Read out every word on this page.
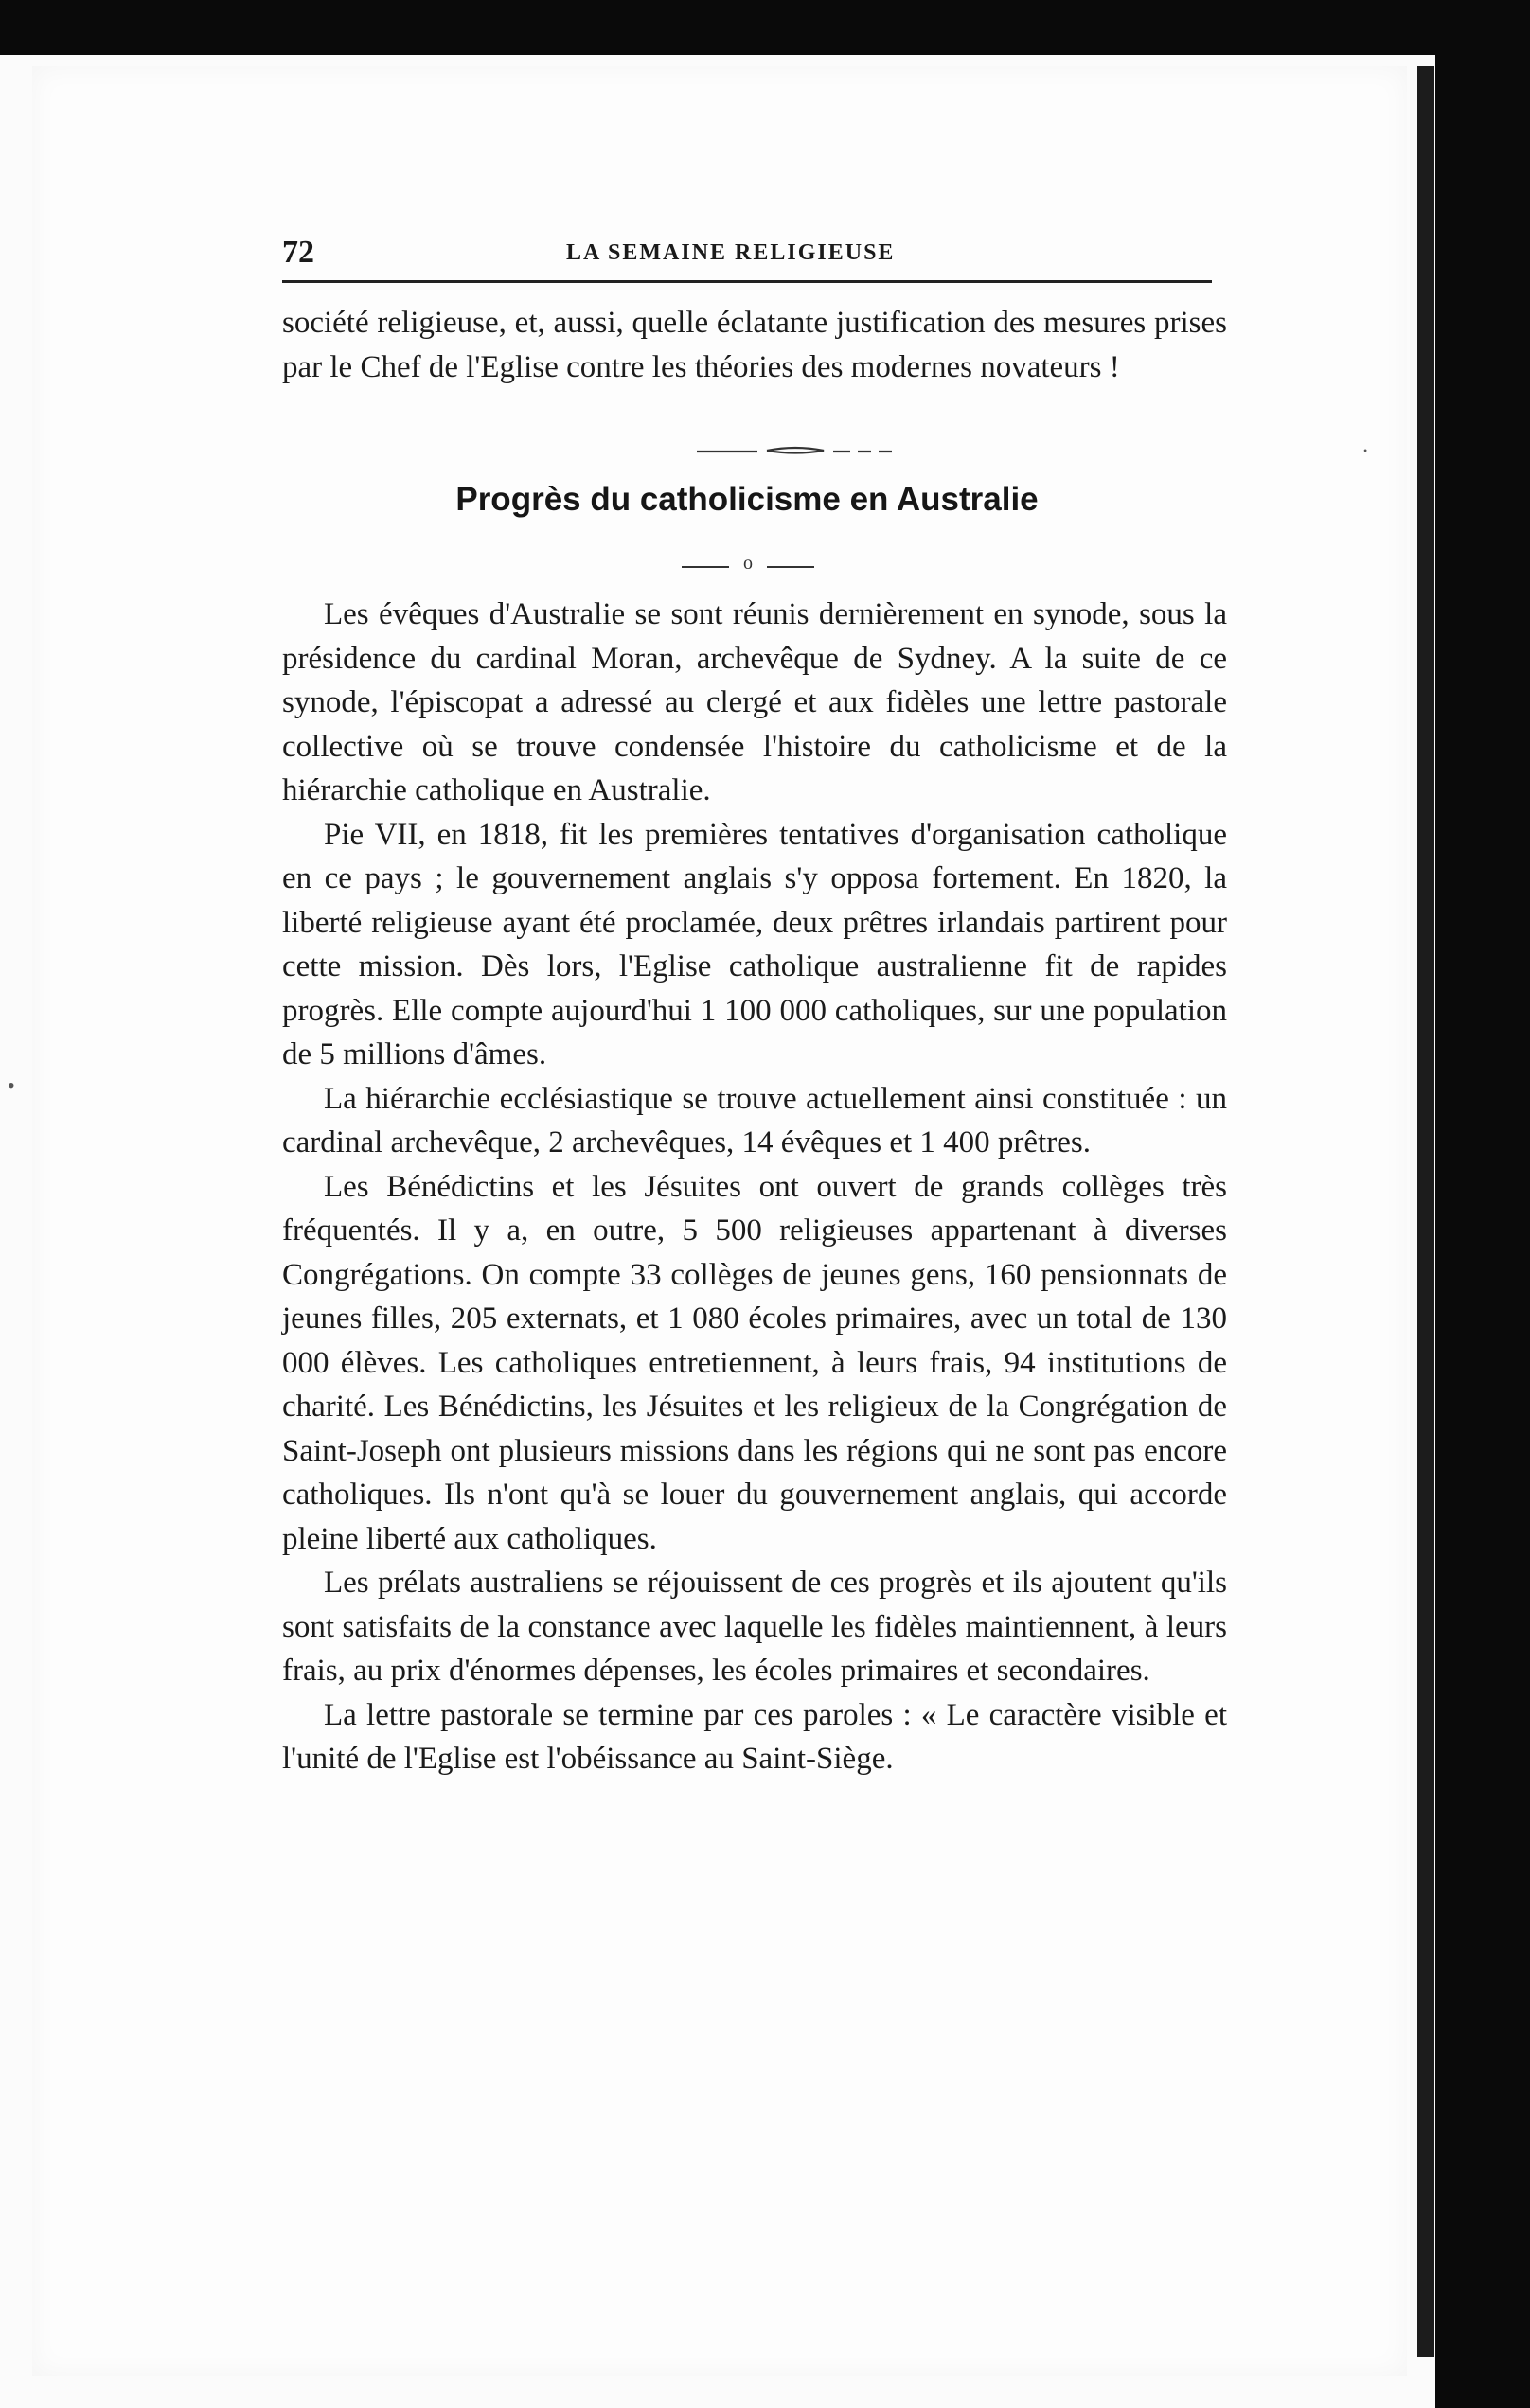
•
•
72	LA SEMAINE RELIGIEUSE

société religieuse, et, aussi, quelle éclatante justification des mesures prises par le Chef de l'Eglise contre les théories des modernes novateurs !

Progrès du catholicisme en Australie
o

Les évêques d'Australie se sont réunis dernièrement en synode, sous la présidence du cardinal Moran, archevêque de Sydney. A la suite de ce synode, l'épiscopat a adressé au clergé et aux fidèles une lettre pastorale collective où se trouve condensée l'histoire du catholicisme et de la hiérarchie catholique en Australie.

Pie VII, en 1818, fit les premières tentatives d'organisation catholique en ce pays ; le gouvernement anglais s'y opposa fortement. En 1820, la liberté religieuse ayant été proclamée, deux prêtres irlandais partirent pour cette mission. Dès lors, l'Eglise catholique australienne fit de rapides progrès. Elle compte aujourd'hui 1 100 000 catholiques, sur une population de 5 millions d'âmes.

La hiérarchie ecclésiastique se trouve actuellement ainsi constituée : un cardinal archevêque, 2 archevêques, 14 évêques et 1 400 prêtres.

Les Bénédictins et les Jésuites ont ouvert de grands collèges très fréquentés. Il y a, en outre, 5 500 religieuses appartenant à diverses Congrégations. On compte 33 collèges de jeunes gens, 160 pensionnats de jeunes filles, 205 externats, et 1 080 écoles primaires, avec un total de 130 000 élèves. Les catholiques entretiennent, à leurs frais, 94 institutions de charité. Les Bénédictins, les Jésuites et les religieux de la Congrégation de Saint-Joseph ont plusieurs missions dans les régions qui ne sont pas encore catholiques. Ils n'ont qu'à se louer du gouvernement anglais, qui accorde pleine liberté aux catholiques.

Les prélats australiens se réjouissent de ces progrès et ils ajoutent qu'ils sont satisfaits de la constance avec laquelle les fidèles maintiennent, à leurs frais, au prix d'énormes dépenses, les écoles primaires et secondaires.

La lettre pastorale se termine par ces paroles : « Le caractère visible et l'unité de l'Eglise est l'obéissance au Saint-Siège.
